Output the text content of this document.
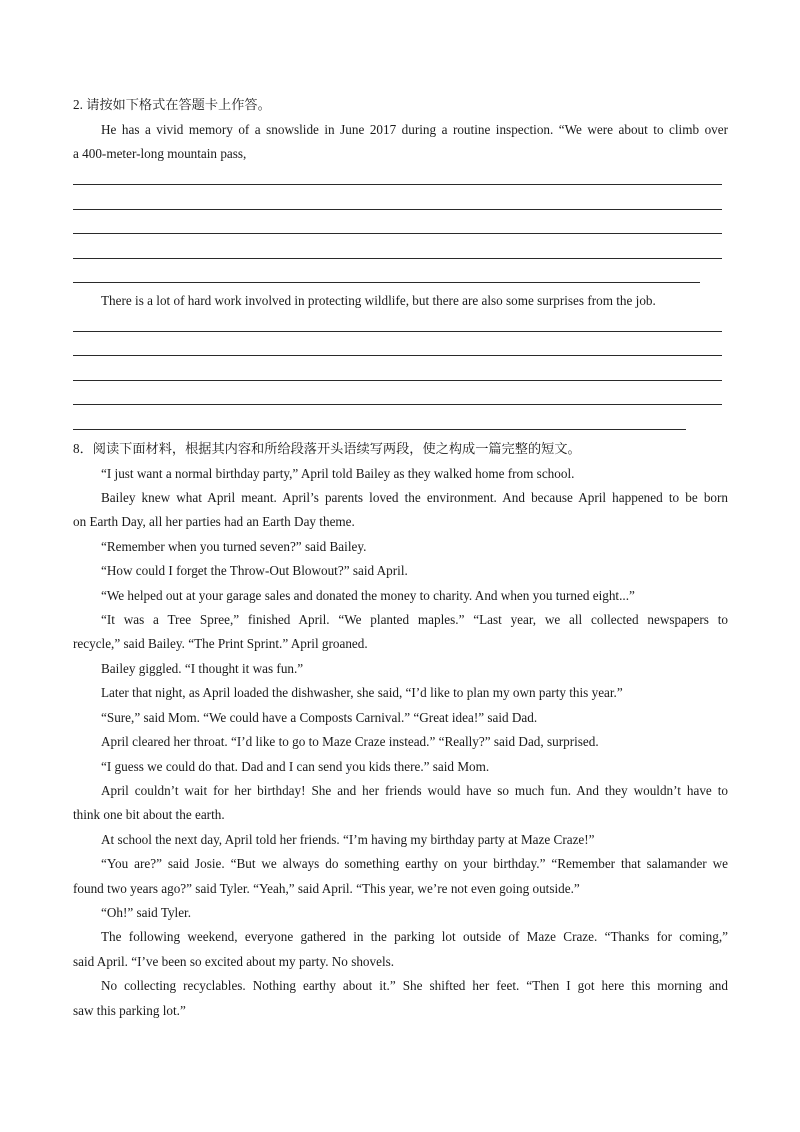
2. 请按如下格式在答题卡上作答。
He has a vivid memory of a snowslide in June 2017 during a routine inspection. “We were about to climb over
a 400-meter-long mountain pass,
There is a lot of hard work involved in protecting wildlife, but there are also some surprises from the job.
8．阅读下面材料，根据其内容和所给段落开头语续写两段，使之构成一篇完整的短文。
“I just want a normal birthday party,” April told Bailey as they walked home from school.
Bailey knew what April meant. April’s parents loved the environment. And because April happened to be born
on Earth Day, all her parties had an Earth Day theme.
“Remember when you turned seven?” said Bailey.
“How could I forget the Throw-Out Blowout?” said April.
“We helped out at your garage sales and donated the money to charity. And when you turned eight...”
“It was a Tree Spree,” finished April. “We planted maples.” “Last year, we all collected newspapers to
recycle,” said Bailey. “The Print Sprint.” April groaned.
Bailey giggled. “I thought it was fun.”
Later that night, as April loaded the dishwasher, she said, “I’d like to plan my own party this year.”
“Sure,” said Mom. “We could have a Composts Carnival.” “Great idea!” said Dad.
April cleared her throat. “I’d like to go to Maze Craze instead.” “Really?” said Dad, surprised.
“I guess we could do that. Dad and I can send you kids there.” said Mom.
April couldn’t wait for her birthday! She and her friends would have so much fun. And they wouldn’t have to
think one bit about the earth.
At school the next day, April told her friends. “I’m having my birthday party at Maze Craze!”
“You are?” said Josie. “But we always do something earthy on your birthday.” “Remember that salamander we
found two years ago?” said Tyler. “Yeah,” said April. “This year, we’re not even going outside.”
“Oh!” said Tyler.
The following weekend, everyone gathered in the parking lot outside of Maze Craze. “Thanks for coming,”
said April. “I’ve been so excited about my party. No shovels.
No collecting recyclables. Nothing earthy about it.” She shifted her feet. “Then I got here this morning and
saw this parking lot.”
